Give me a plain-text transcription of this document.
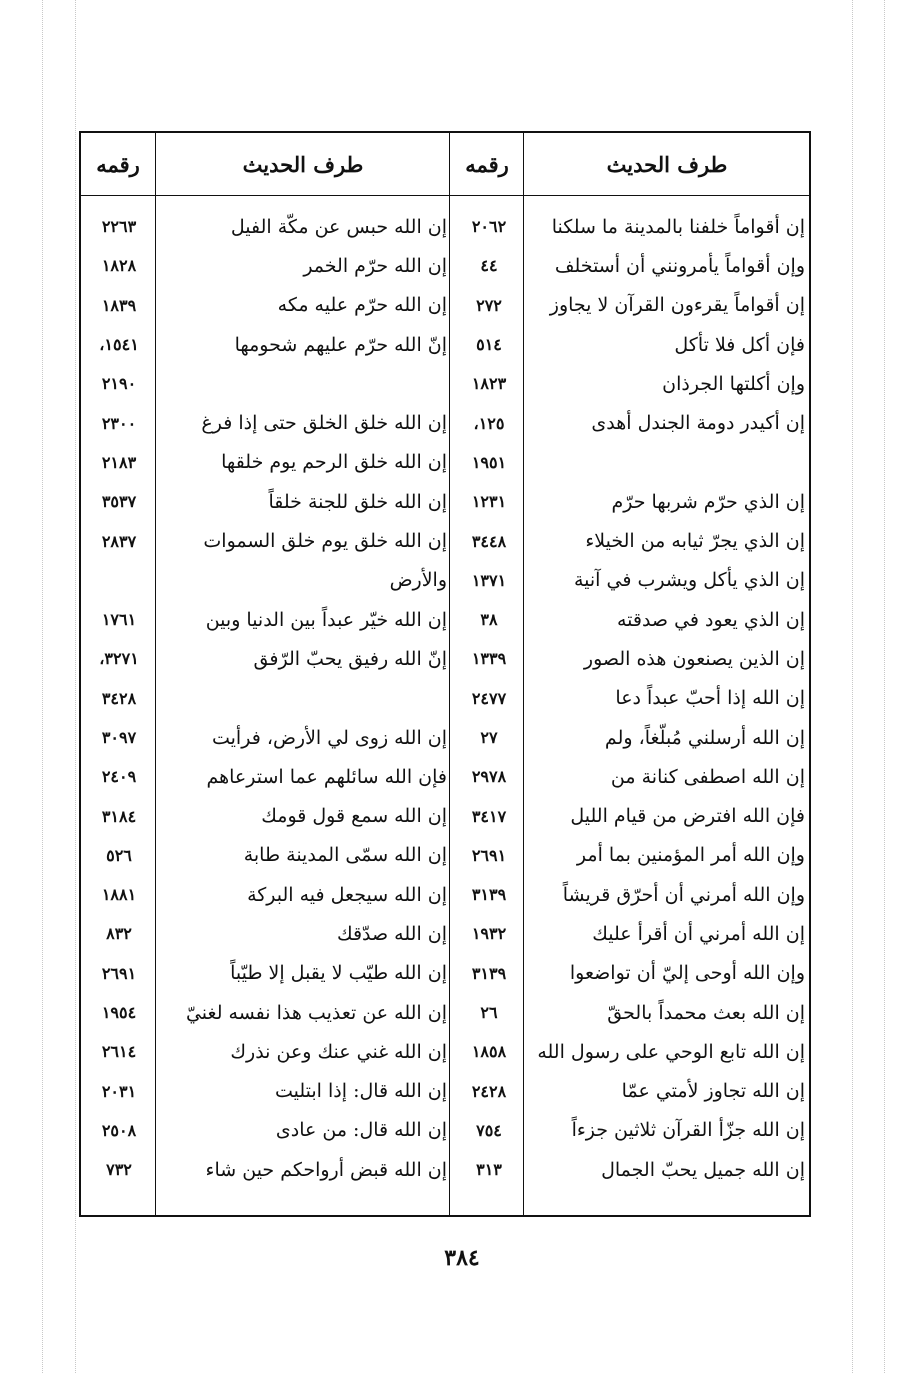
طرف الحديث
رقمه
طرف الحديث
رقمه
إن أقواماً خلفنا بالمدينة ما سلكنا
٢٠٦٢
إن الله حبس عن مكّة الفيل
٢٢٦٣
وإن أقواماً يأمرونني أن أستخلف
٤٤
إن الله حرّم الخمر
١٨٢٨
إن أقواماً يقرءون القرآن لا يجاوز
٢٧٢
إن الله حرّم عليه مكه
١٨٣٩
فإن أكل فلا تأكل
٥١٤
إنّ الله حرّم عليهم شحومها
١٥٤١،
وإن أكلتها الجرذان
١٨٢٣
٢١٩٠
إن أكيدر دومة الجندل أهدى
١٢٥،
إن الله خلق الخلق حتى إذا فرغ
٢٣٠٠
١٩٥١
إن الله خلق الرحم يوم خلقها
٢١٨٣
إن الذي حرّم شربها حرّم
١٢٣١
إن الله خلق للجنة خلقاً
٣٥٣٧
إن الذي يجرّ ثيابه من الخيلاء
٣٤٤٨
إن الله خلق يوم خلق السموات
٢٨٣٧
إن الذي يأكل ويشرب في آنية
١٣٧١
والأرض
إن الذي يعود في صدقته
٣٨
إن الله خيّر عبداً بين الدنيا وبين
١٧٦١
إن الذين يصنعون هذه الصور
١٣٣٩
إنّ الله رفيق يحبّ الرّفق
٣٢٧١،
إن الله إذا أحبّ عبداً دعا
٢٤٧٧
٣٤٢٨
إن الله أرسلني مُبلّغاً، ولم
٢٧
إن الله زوى لي الأرض، فرأيت
٣٠٩٧
إن الله اصطفى كنانة من
٢٩٧٨
فإن الله سائلهم عما استرعاهم
٢٤٠٩
فإن الله افترض من قيام الليل
٣٤١٧
إن الله سمع قول قومك
٣١٨٤
وإن الله أمر المؤمنين بما أمر
٢٦٩١
إن الله سمّى المدينة طابة
٥٢٦
وإن الله أمرني أن أحرّق قريشاً
٣١٣٩
إن الله سيجعل فيه البركة
١٨٨١
إن الله أمرني أن أقرأ عليك
١٩٣٢
إن الله صدّقك
٨٣٢
وإن الله أوحى إليّ أن تواضعوا
٣١٣٩
إن الله طيّب لا يقبل إلا طيّباً
٢٦٩١
إن الله بعث محمداً بالحقّ
٢٦
إن الله عن تعذيب هذا نفسه لغنيّ
١٩٥٤
إن الله تابع الوحي على رسول الله
١٨٥٨
إن الله غني عنك وعن نذرك
٢٦١٤
إن الله تجاوز لأمتي عمّا
٢٤٢٨
إن الله قال: إذا ابتليت
٢٠٣١
إن الله جزّأ القرآن ثلاثين جزءاً
٧٥٤
إن الله قال: من عادى
٢٥٠٨
إن الله جميل يحبّ الجمال
٣١٣
إن الله قبض أرواحكم حين شاء
٧٣٢
٣٨٤
